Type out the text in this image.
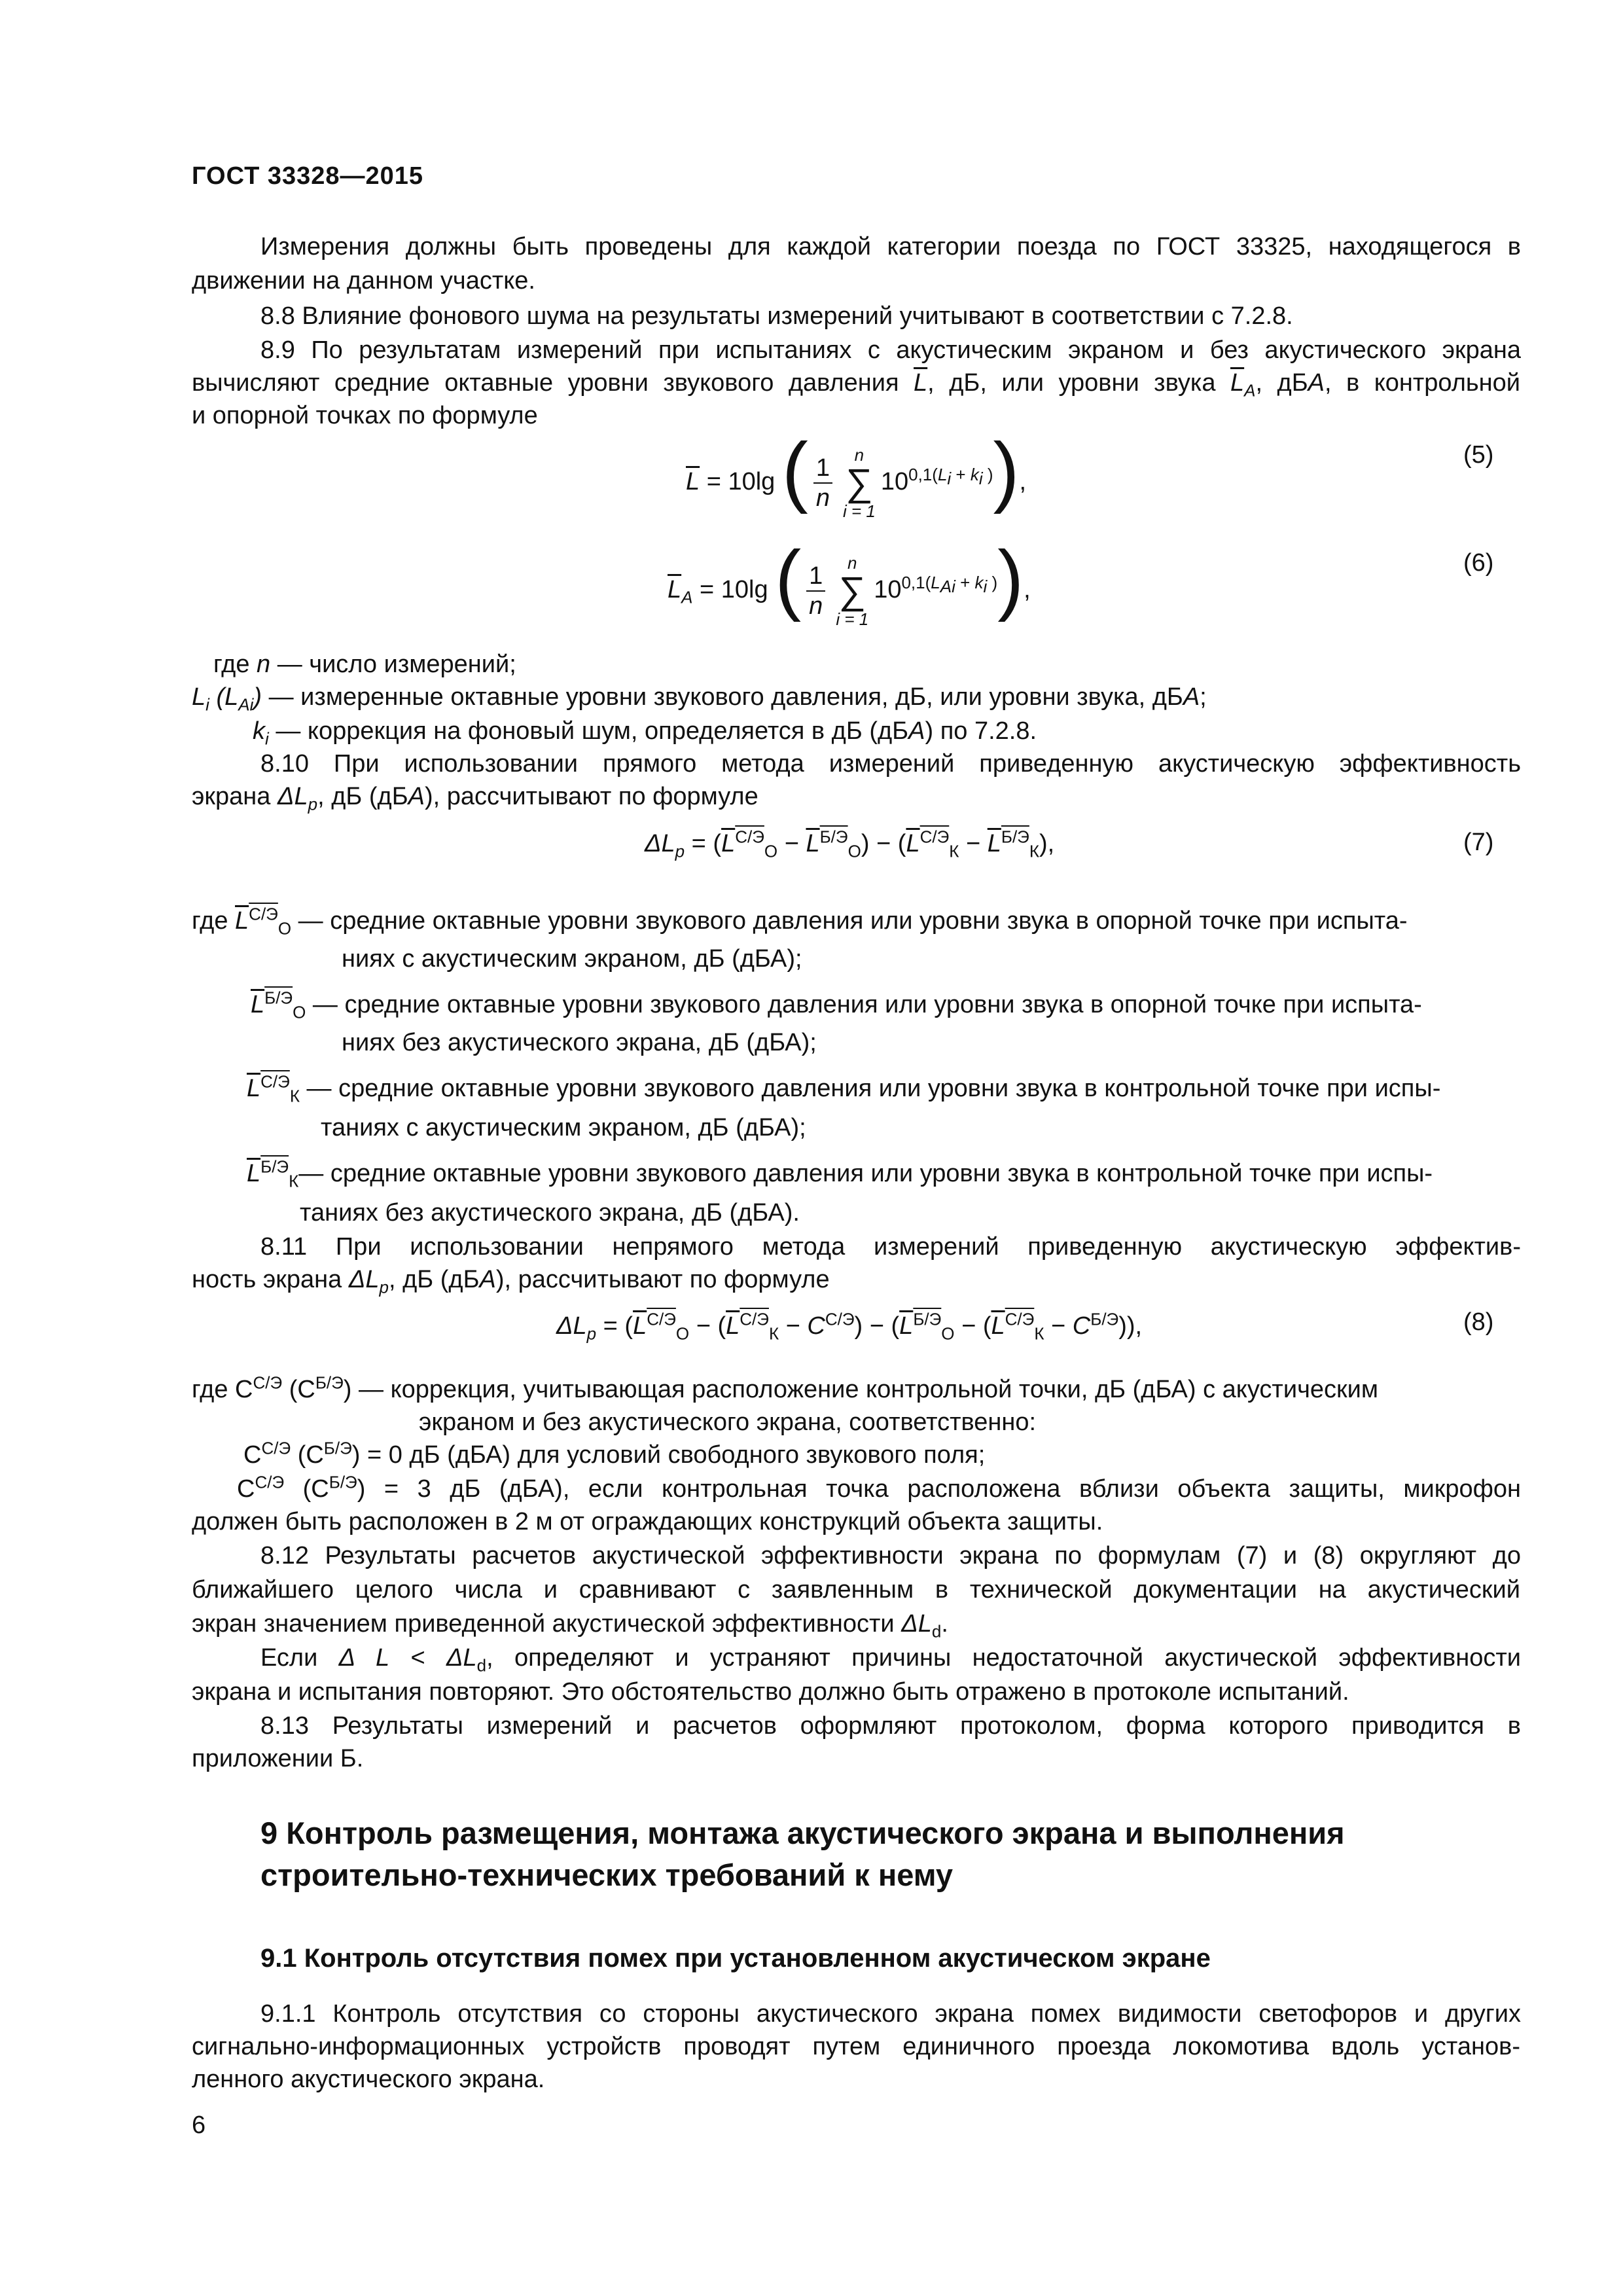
ГОСТ 33328—2015
Измерения должны быть проведены для каждой категории поезда по ГОСТ 33325, находящегося в
движении на данном участке.
8.8 Влияние фонового шума на результаты измерений учитывают в соответствии с 7.2.8.
8.9 По результатам измерений при испытаниях с акустическим экраном и без акустического экрана
вычисляют средние октавные уровни звукового давления $\overline{L}$, дБ, или уровни звука $\overline{L}_A$, дБА, в контрольной
и опорной точках по формуле
$\overline{L} = 10\lg$ ( $\frac{1}{n}$	n
∑
i = 1
$10^{0,1(L_i + k_i )}$),
(5)
$\overline{L}_A = 10\lg$ ( $\frac{1}{n}$	n
∑
i = 1
$10^{0,1(L_{Ai} + k_i )}$),
(6)
где n — число измерений;
$L_i$ $(L_{Ai})$ — измеренные октавные уровни звукового давления, дБ, или уровни звука, дБА;
$k_i$ — коррекция на фоновый шум, определяется в дБ (дБА) по 7.2.8.
8.10 При использовании прямого метода измерений приведенную акустическую эффективность
экрана $\Delta L_p$, дБ (дБА), рассчитывают по формуле
$\Delta L_p = (\overline{L}^{С/Э}_О - \overline{L}^{Б/Э}_О) - (\overline{L}^{С/Э}_К - \overline{L}^{Б/Э}_К)$,	(7)
где $\overline{L}^{С/Э}_О$ — средние октавные уровни звукового давления или уровни звука в опорной точке при испыта-
ниях с акустическим экраном, дБ (дБА);
$\overline{L}^{Б/Э}_О$ — средние октавные уровни звукового давления или уровни звука в опорной точке при испыта-
ниях без акустического экрана, дБ (дБА);
$\overline{L}^{С/Э}_К$ — средние октавные уровни звукового давления или уровни звука в контрольной точке при испы-
таниях с акустическим экраном, дБ (дБА);
$\overline{L}^{Б/Э}_К—$ средние октавные уровни звукового давления или уровни звука в контрольной точке при испы-
таниях без акустического экрана, дБ (дБА).
8.11 При использовании непрямого метода измерений приведенную акустическую эффектив-
ность экрана $\Delta L_p$, дБ (дБА), рассчитывают по формуле
$\Delta L_p = (\overline{L}^{С/Э}_О - (\overline{L}^{С/Э}_К - C^{С/Э}) - (\overline{L}^{Б/Э}_О - (\overline{L}^{С/Э}_К - C^{Б/Э}))$,	(8)
где $C^{С/Э}$ $(C^{Б/Э})$ — коррекция, учитывающая расположение контрольной точки, дБ (дБА) с акустическим
экраном и без акустического экрана, соответственно:
$C^{С/Э}$ $(C^{Б/Э}) = 0$ дБ (дБА) для условий свободного звукового поля;
$C^{С/Э}$ $(C^{Б/Э}) = 3$ дБ (дБА), если контрольная точка расположена вблизи объекта защиты, микрофон
должен быть расположен в 2 м от ограждающих конструкций объекта защиты.
8.12 Результаты расчетов акустической эффективности экрана по формулам (7) и (8) округляют до
ближайшего целого числа и сравнивают с заявленным в технической документации на акустический
экран значением приведенной акустической эффективности $\Delta L_d$.
Если Δ $L < \Delta L_d$, определяют и устраняют причины недостаточной акустической эффективности
экрана и испытания повторяют. Это обстоятельство должно быть отражено в протоколе испытаний.
8.13 Результаты измерений и расчетов оформляют протоколом, форма которого приводится в
приложении Б.
9 Контроль размещения, монтажа акустического экрана и выполнения
строительно-технических требований к нему
9.1 Контроль отсутствия помех при установленном акустическом экране
9.1.1 Контроль отсутствия со стороны акустического экрана помех видимости светофоров и других
сигнально-информационных устройств проводят путем единичного проезда локомотива вдоль установ-
ленного акустического экрана.
6
